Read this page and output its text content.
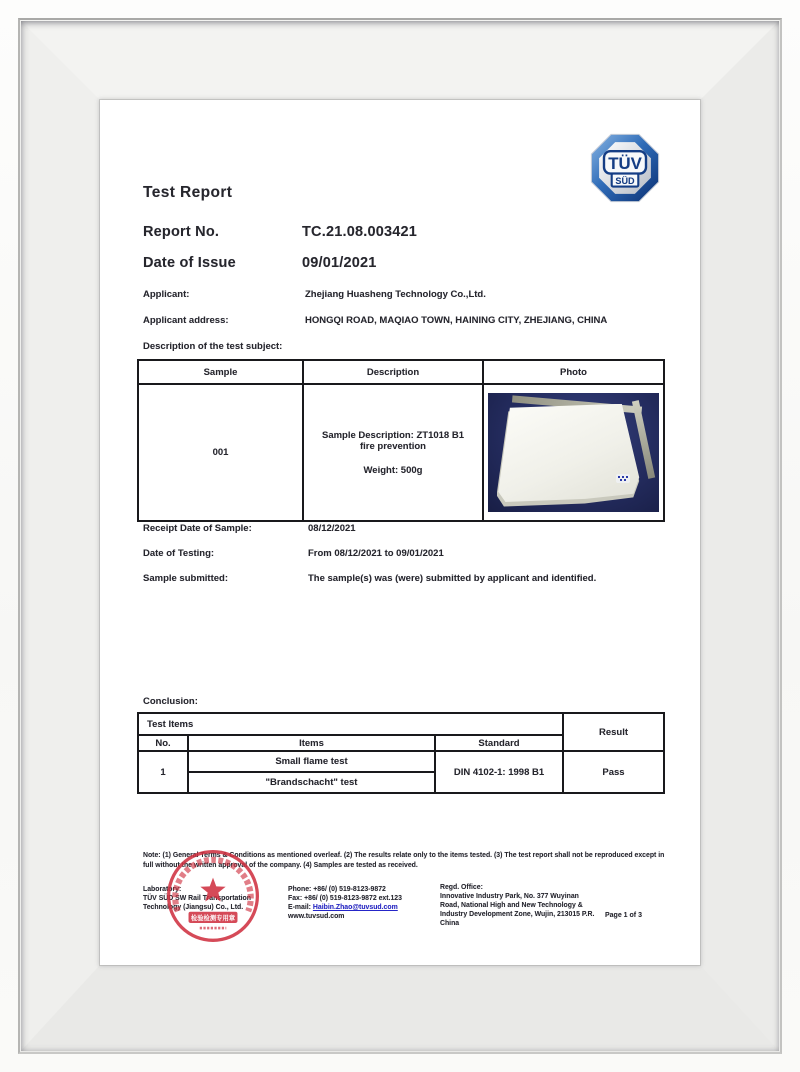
TÜV
SÜD
Test Report
Report No.	TC.21.08.003421
Date of Issue	09/01/2021
Applicant:	Zhejiang Huasheng Technology Co.,Ltd.
Applicant address:	HONGQI ROAD, MAQIAO TOWN, HAINING CITY, ZHEJIANG, CHINA
Description of the test subject:
Sample	Description	Photo
001	Sample Description: ZT1018 B1 fire prevention
Weight: 500g	

Receipt Date of Sample:	08/12/2021
Date of Testing:	From 08/12/2021 to 09/01/2021
Sample submitted:	The sample(s) was (were) submitted by applicant and identified.
Conclusion:
Test Items			Result
No.	Items	Standard	
1	Small flame test	DIN 4102-1: 1998 B1	Pass
	"Brandschacht" test		
Note: (1) General Terms & Conditions as mentioned overleaf. (2) The results relate only to the items tested. (3) The test report shall not be reproduced except in full without the written approval of the company. (4) Samples are tested as received.
Laboratory:
TÜV SÜD SW Rail Transportation
Technology (Jiangsu) Co., Ltd.
Phone: +86/ (0) 519-8123-9872
Fax: +86/ (0) 519-8123-9872 ext.123
E-mail: Haibin.Zhao@tuvsud.com
www.tuvsud.com
Regd. Office:
Innovative Industry Park, No. 377 Wuyinan
Road, National High and New Technology &
Industry Development Zone, Wujin, 213015 P.R.
China
Page 1 of 3
检验检测专用章
